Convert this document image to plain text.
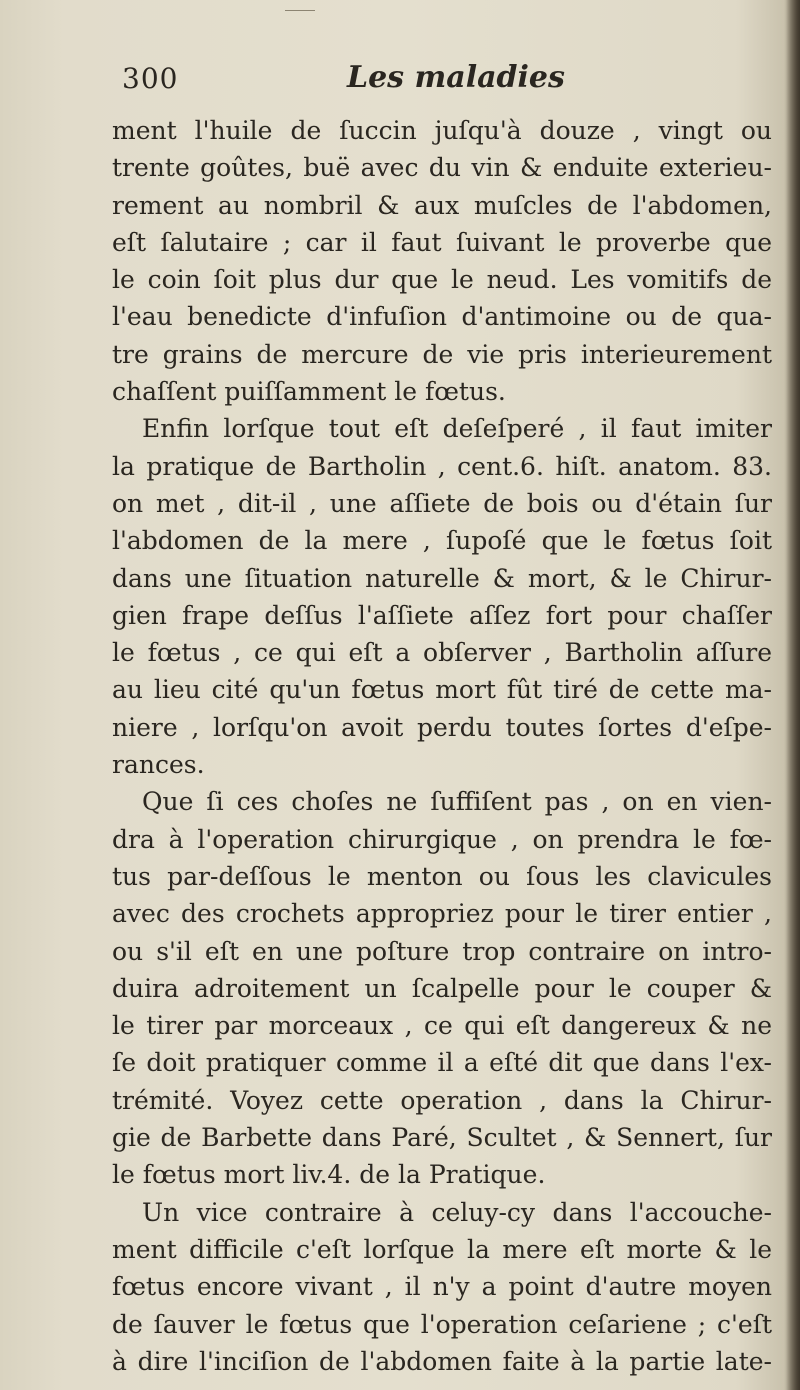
300	Les maladies
ment l'huile de ſuccin juſqu'à douze , vingt ou
trente goûtes, buë avec du vin & enduite exterieu-
rement au nombril & aux muſcles de l'abdomen,
eſt ſalutaire ; car il faut ſuivant le proverbe que
le coin ſoit plus dur que le neud. Les vomitifs de
l'eau benedicte d'infuſion d'antimoine ou de qua-
tre grains de mercure de vie pris interieurement
chaſſent puiſſamment le fœtus.
Enfin lorſque tout eſt deſeſperé , il faut imiter
la pratique de Bartholin , cent.6. hiſt. anatom. 83.
on met , dit-il , une aſſiete de bois ou d'étain ſur
l'abdomen de la mere , ſupoſé que le fœtus ſoit
dans une ſituation naturelle & mort, & le Chirur-
gien frape deſſus l'aſſiete aſſez fort pour chaſſer
le fœtus , ce qui eſt a obſerver , Bartholin aſſure
au lieu cité qu'un fœtus mort fût tiré de cette ma-
niere , lorſqu'on avoit perdu toutes ſortes d'eſpe-
rances.
Que ſi ces choſes ne ſuffiſent pas , on en vien-
dra à l'operation chirurgique , on prendra le fœ-
tus par-deſſous le menton ou ſous les clavicules
avec des crochets appropriez pour le tirer entier ,
ou s'il eſt en une poſture trop contraire on intro-
duira adroitement un ſcalpelle pour le couper &
le tirer par morceaux , ce qui eſt dangereux & ne
ſe doit pratiquer comme il a eſté dit que dans l'ex-
trémité. Voyez cette operation , dans la Chirur-
gie de Barbette dans Paré, Scultet , & Sennert, ſur
le fœtus mort liv.4. de la Pratique.
Un vice contraire à celuy-cy dans l'accouche-
ment difficile c'eſt lorſque la mere eſt morte & le
fœtus encore vivant , il n'y a point d'autre moyen
de ſauver le fœtus que l'operation ceſariene ; c'eſt
à dire l'inciſion de l'abdomen faite à la partie late-
